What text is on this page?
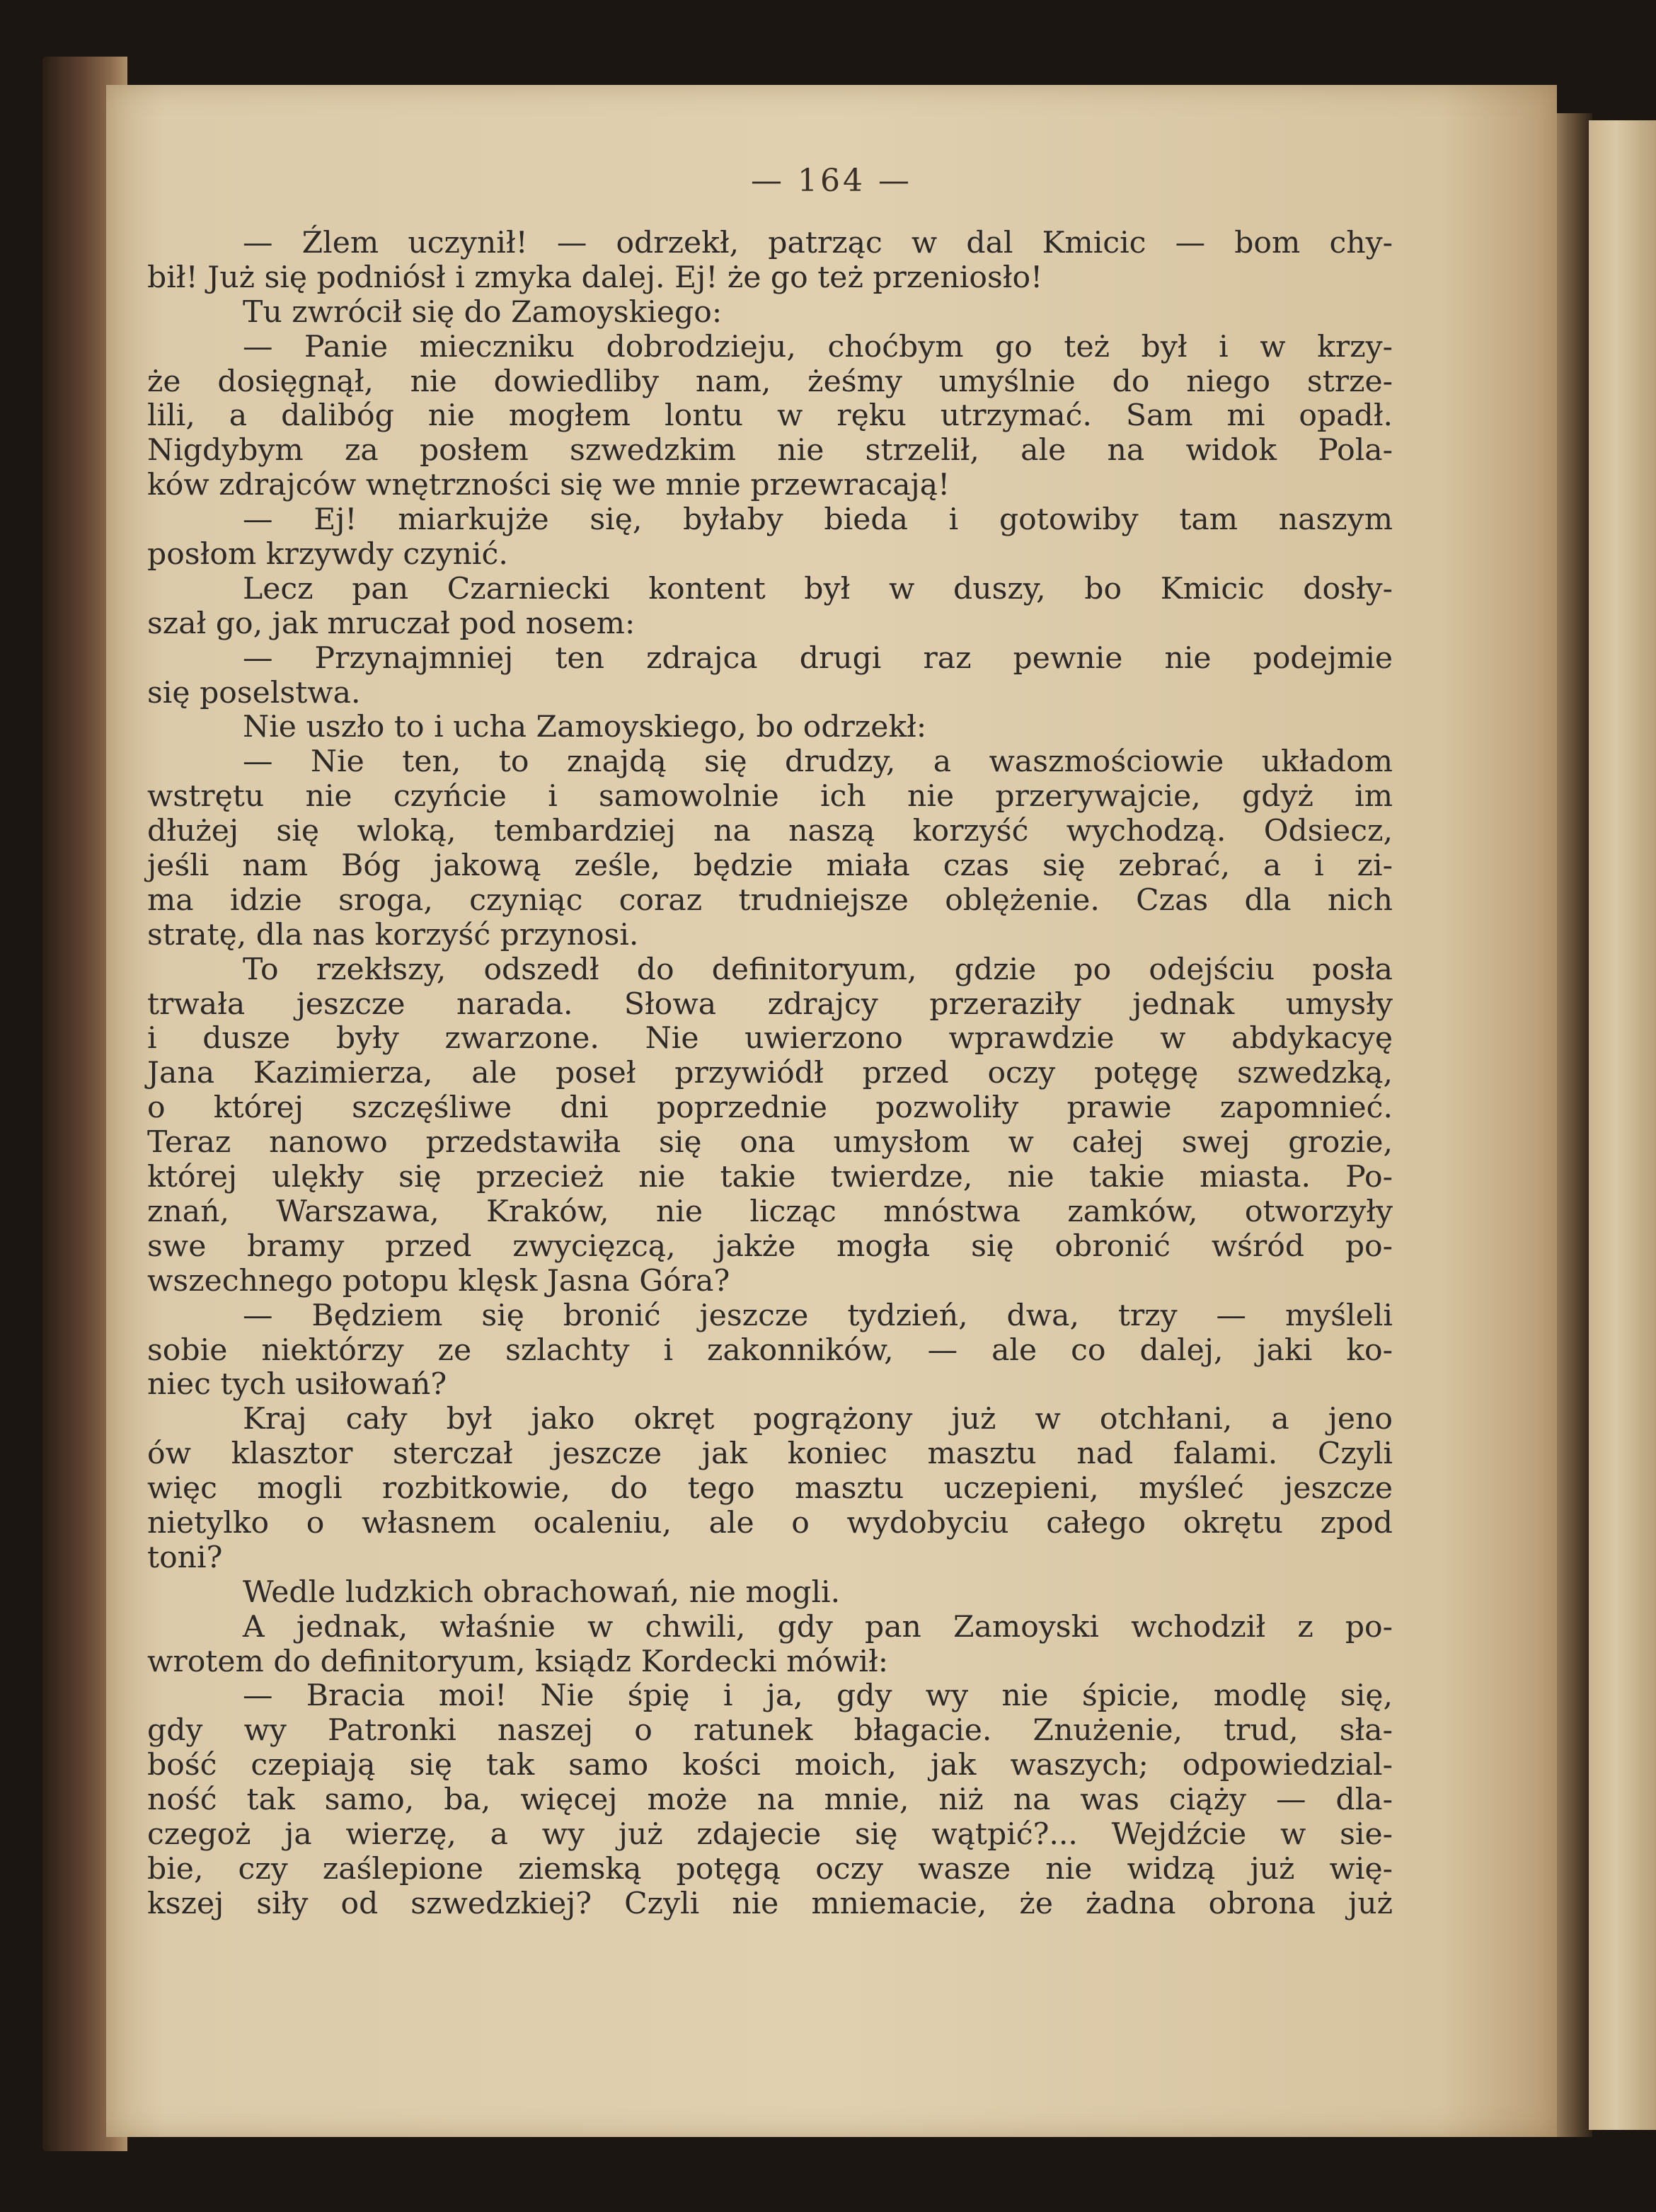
— 164 —
— Źlem uczynił! — odrzekł, patrząc w dal Kmicic — bom chy-
bił! Już się podniósł i zmyka dalej. Ej! że go też przeniosło!
Tu zwrócił się do Zamoyskiego:
— Panie mieczniku dobrodzieju, choćbym go też był i w krzy-
że dosięgnął, nie dowiedliby nam, żeśmy umyślnie do niego strze-
lili, a dalibóg nie mogłem lontu w ręku utrzymać. Sam mi opadł.
Nigdybym za posłem szwedzkim nie strzelił, ale na widok Pola-
ków zdrajców wnętrzności się we mnie przewracają!
— Ej! miarkujże się, byłaby bieda i gotowiby tam naszym
posłom krzywdy czynić.
Lecz pan Czarniecki kontent był w duszy, bo Kmicic dosły-
szał go, jak mruczał pod nosem:
— Przynajmniej ten zdrajca drugi raz pewnie nie podejmie
się poselstwa.
Nie uszło to i ucha Zamoyskiego, bo odrzekł:
— Nie ten, to znajdą się drudzy, a waszmościowie układom
wstrętu nie czyńcie i samowolnie ich nie przerywajcie, gdyż im
dłużej się wloką, tembardziej na naszą korzyść wychodzą. Odsiecz,
jeśli nam Bóg jakową ześle, będzie miała czas się zebrać, a i zi-
ma idzie sroga, czyniąc coraz trudniejsze oblężenie. Czas dla nich
stratę, dla nas korzyść przynosi.
To rzekłszy, odszedł do definitoryum, gdzie po odejściu posła
trwała jeszcze narada. Słowa zdrajcy przeraziły jednak umysły
i dusze były zwarzone. Nie uwierzono wprawdzie w abdykacyę
Jana Kazimierza, ale poseł przywiódł przed oczy potęgę szwedzką,
o której szczęśliwe dni poprzednie pozwoliły prawie zapomnieć.
Teraz nanowo przedstawiła się ona umysłom w całej swej grozie,
której ulękły się przecież nie takie twierdze, nie takie miasta. Po-
znań, Warszawa, Kraków, nie licząc mnóstwa zamków, otworzyły
swe bramy przed zwycięzcą, jakże mogła się obronić wśród po-
wszechnego potopu klęsk Jasna Góra?
— Będziem się bronić jeszcze tydzień, dwa, trzy — myśleli
sobie niektórzy ze szlachty i zakonników, — ale co dalej, jaki ko-
niec tych usiłowań?
Kraj cały był jako okręt pogrążony już w otchłani, a jeno
ów klasztor sterczał jeszcze jak koniec masztu nad falami. Czyli
więc mogli rozbitkowie, do tego masztu uczepieni, myśleć jeszcze
nietylko o własnem ocaleniu, ale o wydobyciu całego okrętu zpod
toni?
Wedle ludzkich obrachowań, nie mogli.
A jednak, właśnie w chwili, gdy pan Zamoyski wchodził z po-
wrotem do definitoryum, ksiądz Kordecki mówił:
— Bracia moi! Nie śpię i ja, gdy wy nie śpicie, modlę się,
gdy wy Patronki naszej o ratunek błagacie. Znużenie, trud, sła-
bość czepiają się tak samo kości moich, jak waszych; odpowiedzial-
ność tak samo, ba, więcej może na mnie, niż na was ciąży — dla-
czegoż ja wierzę, a wy już zdajecie się wątpić?... Wejdźcie w sie-
bie, czy zaślepione ziemską potęgą oczy wasze nie widzą już wię-
kszej siły od szwedzkiej? Czyli nie mniemacie, że żadna obrona już
